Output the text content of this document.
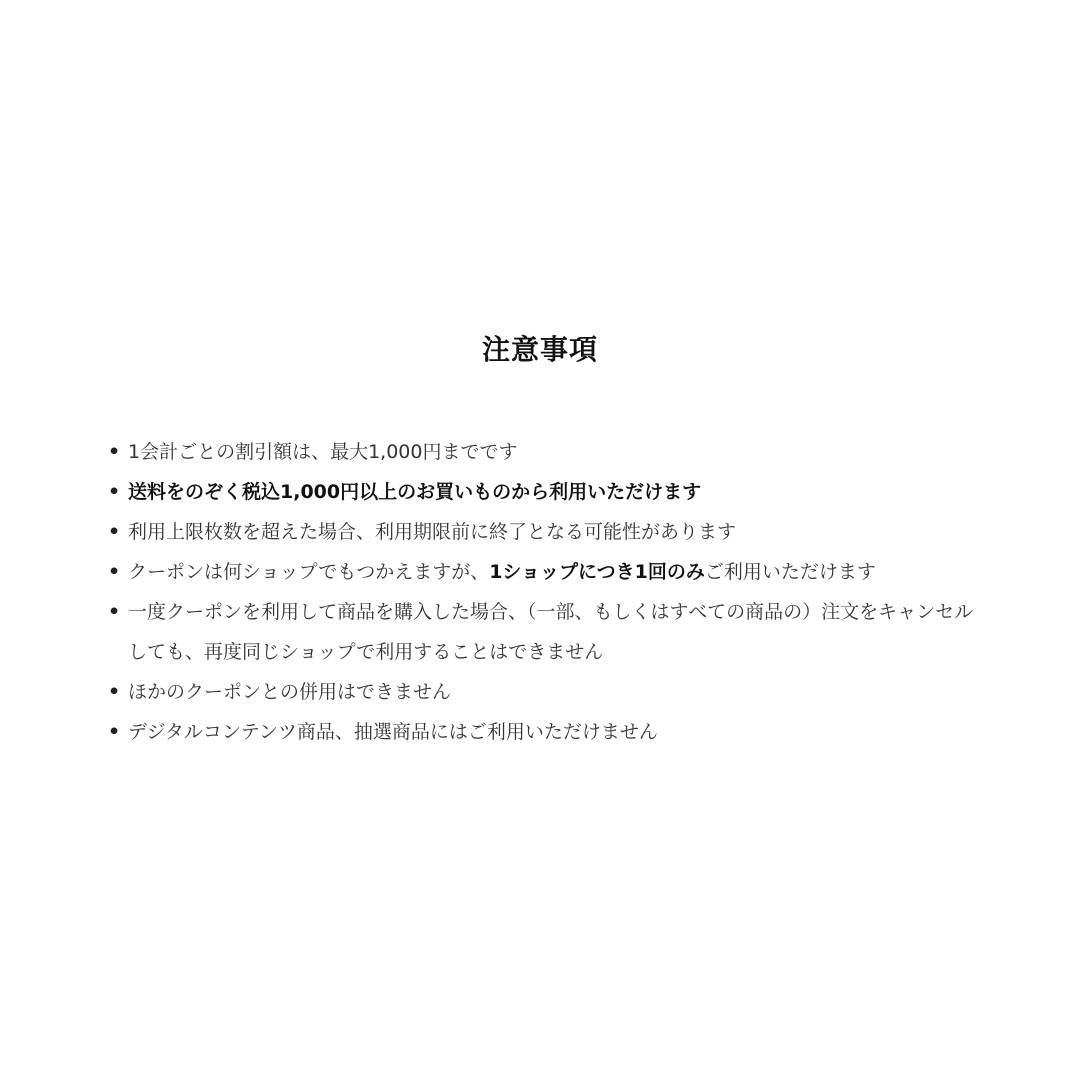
注意事項
• 1会計ごとの割引額は、最大1,000円までです
• 送料をのぞく税込1,000円以上のお買いものから利用いただけます
• 利用上限枚数を超えた場合、利用期限前に終了となる可能性があります
• クーポンは何ショップでもつかえますが、1ショップにつき1回のみご利用いただけます
• 一度クーポンを利用して商品を購入した場合、（一部、もしくはすべての商品の）注文をキャンセルしても、再度同じショップで利用することはできません
• ほかのクーポンとの併用はできません
• デジタルコンテンツ商品、抽選商品にはご利用いただけません
